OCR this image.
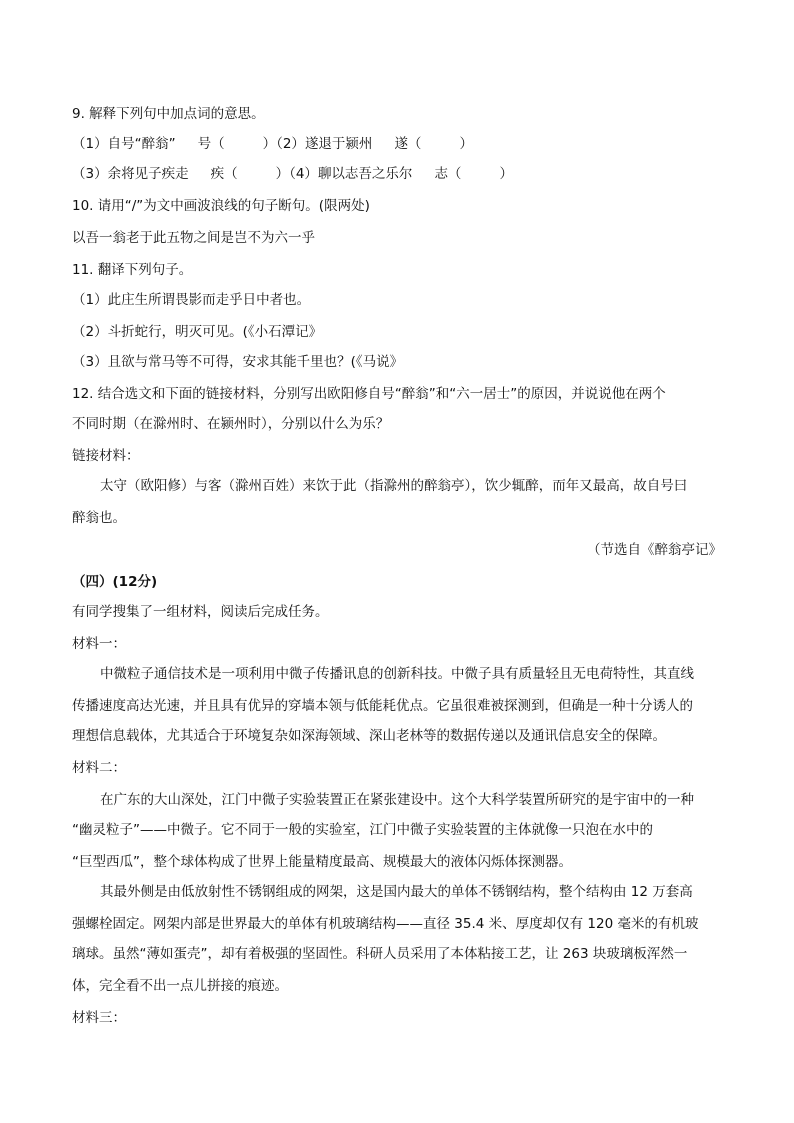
9. 解释下列句中加点词的意思。
（1）自号“醉翁” 号（	）（2）遂退于颍州 遂（	）
（3）余将见子疾走 疾（	）（4）聊以志吾之乐尔 志（	）
10. 请用“/”为文中画波浪线的句子断句。(限两处)
以吾一翁老于此五物之间是岂不为六一乎
11. 翻译下列句子。
（1）此庄生所谓畏影而走乎日中者也。
（2）斗折蛇行，明灭可见。(《小石潭记》
（3）且欲与常马等不可得，安求其能千里也？(《马说》
12. 结合选文和下面的链接材料，分别写出欧阳修自号“醉翁”和“六一居士”的原因，并说说他在两个
不同时期（在滁州时、在颍州时），分别以什么为乐？
链接材料：
太守（欧阳修）与客（滁州百姓）来饮于此（指滁州的醉翁亭），饮少辄醉，而年又最高，故自号曰
醉翁也。
（节选自《醉翁亭记》
（四）(12分)
有同学搜集了一组材料，阅读后完成任务。
材料一：
中微粒子通信技术是一项利用中微子传播讯息的创新科技。中微子具有质量轻且无电荷特性，其直线
传播速度高达光速，并且具有优异的穿墙本领与低能耗优点。它虽很难被探测到，但确是一种十分诱人的
理想信息载体，尤其适合于环境复杂如深海领域、深山老林等的数据传递以及通讯信息安全的保障。
材料二：
在广东的大山深处，江门中微子实验装置正在紧张建设中。这个大科学装置所研究的是宇宙中的一种
“幽灵粒子”——中微子。它不同于一般的实验室，江门中微子实验装置的主体就像一只泡在水中的
“巨型西瓜”，整个球体构成了世界上能量精度最高、规模最大的液体闪烁体探测器。
其最外侧是由低放射性不锈钢组成的网架，这是国内最大的单体不锈钢结构，整个结构由 12 万套高
强螺栓固定。网架内部是世界最大的单体有机玻璃结构——直径 35.4 米、厚度却仅有 120 毫米的有机玻
璃球。虽然“薄如蛋壳”，却有着极强的坚固性。科研人员采用了本体粘接工艺，让 263 块玻璃板浑然一
体，完全看不出一点儿拼接的痕迹。
材料三：
